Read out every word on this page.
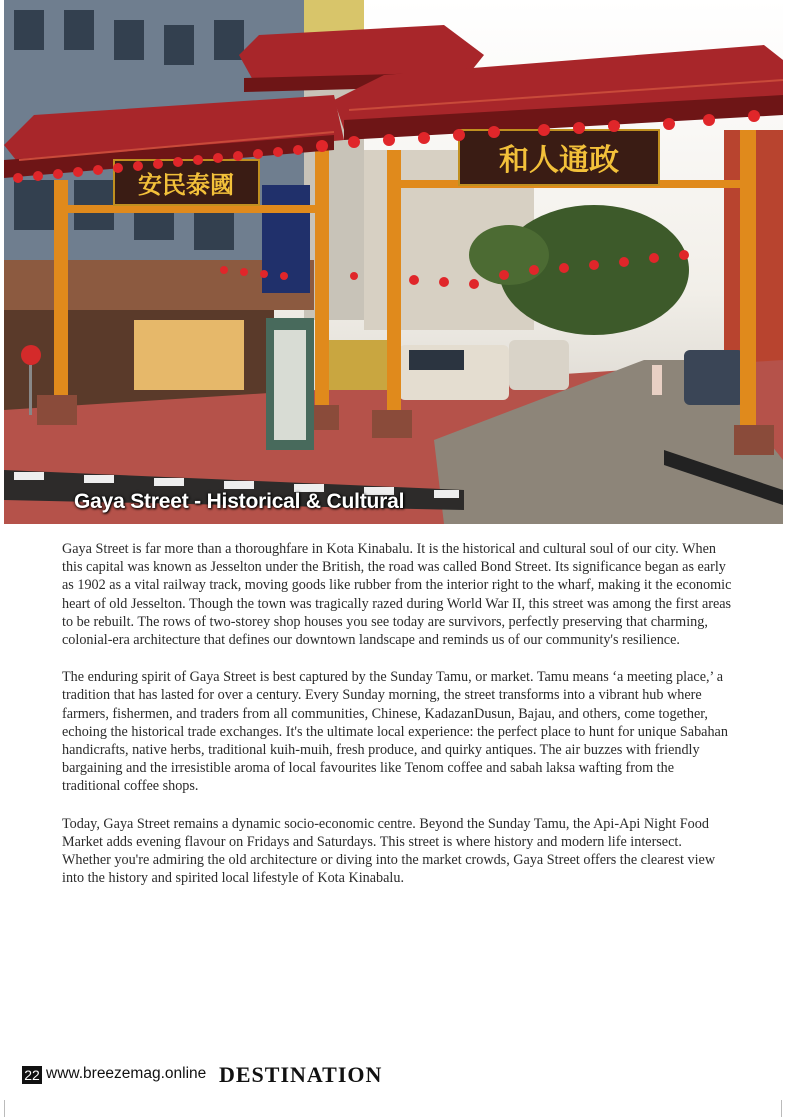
安民泰國
和人通政
Gaya Street - Historical & Cultural

Gaya Street is far more than a thoroughfare in Kota Kinabalu. It is the historical and cultural soul of our city. When this capital was known as Jesselton under the British, the road was called Bond Street. Its significance began as early as 1902 as a vital railway track, moving goods like rubber from the interior right to the wharf, making it the economic heart of old Jesselton. Though the town was tragically razed during World War II, this street was among the first areas to be rebuilt. The rows of two-storey shop houses you see today are survivors, perfectly preserving that charming, colonial-era architecture that defines our downtown landscape and reminds us of our community's resilience.

The enduring spirit of Gaya Street is best captured by the Sunday Tamu, or market. Tamu means ‘a meeting place,’ a tradition that has lasted for over a century. Every Sunday morning, the street transforms into a vibrant hub where farmers, fishermen, and traders from all communities, Chinese, KadazanDusun, Bajau, and others, come together, echoing the historical trade exchanges. It's the ultimate local experience: the perfect place to hunt for unique Sabahan handicrafts, native herbs, traditional kuih-muih, fresh produce, and quirky antiques. The air buzzes with friendly bargaining and the irresistible aroma of local favourites like Tenom coffee and sabah laksa wafting from the traditional coffee shops.

Today, Gaya Street remains a dynamic socio-economic centre. Beyond the Sunday Tamu, the Api-Api Night Food Market adds evening flavour on Fridays and Saturdays. This street is where history and modern life intersect. Whether you're admiring the old architecture or diving into the market crowds, Gaya Street offers the clearest view into the history and spirited local lifestyle of Kota Kinabalu.

22 www.breezemag.online DESTINATION
